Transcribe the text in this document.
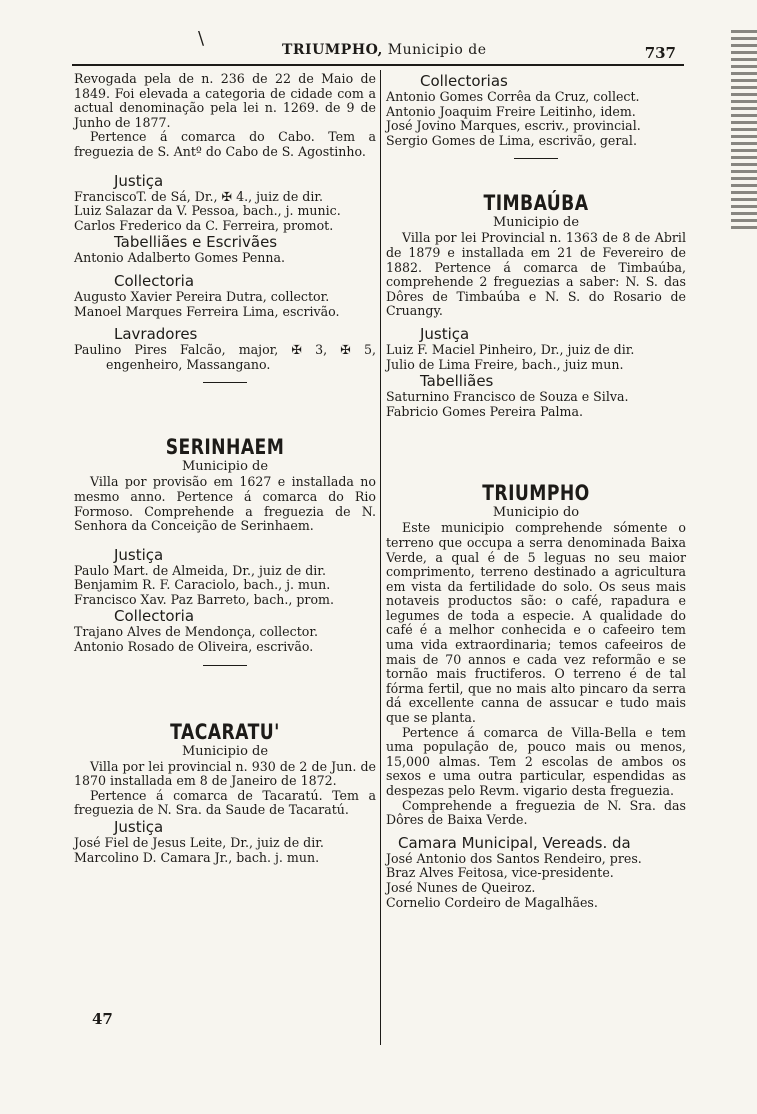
\
TRIUMPHO, Municipio de	737

Revogada pela de n. 236 de 22 de Maio de 1849. Foi elevada a categoria de cidade com a actual denominação pela lei n. 1269. de 9 de Junho de 1877.

Pertence á comarca do Cabo. Tem a freguezia de S. Antº do Cabo de S. Agostinho.

Justiça

FranciscoT. de Sá, Dr., ✠ 4., juiz de dir.

Luiz Salazar da V. Pessoa, bach., j. munic.

Carlos Frederico da C. Ferreira, promot.

Tabelliães e Escrivães

Antonio Adalberto Gomes Penna.

Collectoria

Augusto Xavier Pereira Dutra, collector.

Manoel Marques Ferreira Lima, escrivão.

Lavradores

Paulino Pires Falcão, major, ✠ 3, ✠ 5, engenheiro, Massangano.

SERINHAEM
Municipio de

Villa por provisão em 1627 e installada no mesmo anno. Pertence á comarca do Rio Formoso. Comprehende a freguezia de N. Senhora da Conceição de Serinhaem.

Justiça

Paulo Mart. de Almeida, Dr., juiz de dir.

Benjamim R. F. Caraciolo, bach., j. mun.

Francisco Xav. Paz Barreto, bach., prom.

Collectoria

Trajano Alves de Mendonça, collector.

Antonio Rosado de Oliveira, escrivão.

TACARATU'
Municipio de

Villa por lei provincial n. 930 de 2 de Jun. de 1870 installada em 8 de Janeiro de 1872.

Pertence á comarca de Tacaratú. Tem a freguezia de N. Sra. da Saude de Tacaratú.

Justiça

José Fiel de Jesus Leite, Dr., juiz de dir.

Marcolino D. Camara Jr., bach. j. mun.

47
Collectorias

Antonio Gomes Corrêa da Cruz, collect.

Antonio Joaquim Freire Leitinho, idem.

José Jovino Marques, escriv., provincial.

Sergio Gomes de Lima, escrivão, geral.

TIMBAÚBA
Municipio de

Villa por lei Provincial n. 1363 de 8 de Abril de 1879 e installada em 21 de Fevereiro de 1882. Pertence á comarca de Timbaúba, comprehende 2 freguezias a saber: N. S. das Dôres de Timbaúba e N. S. do Rosario de Cruangy.

Justiça

Luiz F. Maciel Pinheiro, Dr., juiz de dir.

Julio de Lima Freire, bach., juiz mun.

Tabelliães

Saturnino Francisco de Souza e Silva.

Fabricio Gomes Pereira Palma.

TRIUMPHO
Municipio do

Este municipio comprehende sómente o terreno que occupa a serra denominada Baixa Verde, a qual é de 5 leguas no seu maior comprimento, terreno destinado a agricultura em vista da fertilidade do solo. Os seus mais notaveis productos são: o café, rapadura e legumes de toda a especie. A qualidade do café é a melhor conhecida e o cafeeiro tem uma vida extraordinaria; temos cafeeiros de mais de 70 annos e cada vez reformão e se tornão mais fructiferos. O terreno é de tal fórma fertil, que no mais alto pincaro da serra dá excellente canna de assucar e tudo mais que se planta.

Pertence á comarca de Villa-Bella e tem uma população de, pouco mais ou menos, 15,000 almas. Tem 2 escolas de ambos os sexos e uma outra particular, espendidas as despezas pelo Revm. vigario desta freguezia.

Comprehende a freguezia de N. Sra. das Dôres de Baixa Verde.

Camara Municipal, Vereads. da

José Antonio dos Santos Rendeiro, pres.

Braz Alves Feitosa, vice-presidente.

José Nunes de Queiroz.

Cornelio Cordeiro de Magalhães.
